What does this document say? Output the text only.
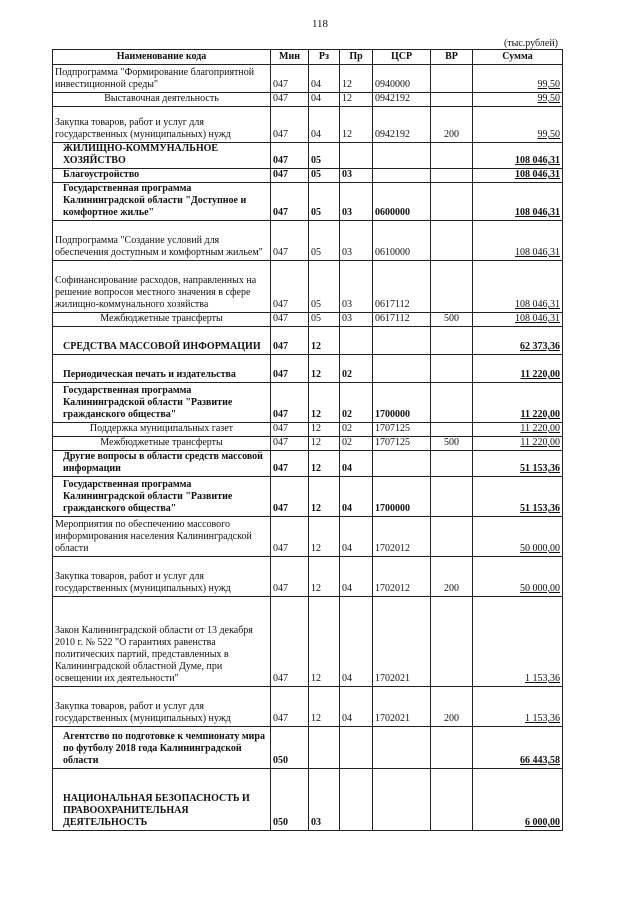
118
(тыс.рублей)
Наименование кода	Мин	Рз	Пр	ЦСР	ВР	Сумма
Подпрограмма "Формирование благоприятной инвестиционной среды"	047	04	12	0940000		99,50
Выставочная деятельность	047	04	12	0942192		99,50
Закупка товаров, работ и услуг для государственных (муниципальных) нужд	047	04	12	0942192	200	99,50
ЖИЛИЩНО-КОММУНАЛЬНОЕ ХОЗЯЙСТВО	047	05				108 046,31
Благоустройство	047	05	03			108 046,31
Государственная программа Калининградской области "Доступное и комфортное жилье"	047	05	03	0600000		108 046,31
Подпрограмма "Создание условий для обеспечения доступным и комфортным жильем"	047	05	03	0610000		108 046,31
Софинансирование расходов, направленных на решение вопросов местного значения в сфере жилищно-коммунального хозяйства	047	05	03	0617112		108 046,31
Межбюджетные трансферты	047	05	03	0617112	500	108 046,31
СРЕДСТВА МАССОВОЙ ИНФОРМАЦИИ	047	12				62 373,36
Периодическая печать и издательства	047	12	02			11 220,00
Государственная программа Калининградской области "Развитие гражданского общества"	047	12	02	1700000		11 220,00
Поддержка муниципальных газет	047	12	02	1707125		11 220,00
Межбюджетные трансферты	047	12	02	1707125	500	11 220,00
Другие вопросы в области средств массовой информации	047	12	04			51 153,36
Государственная программа Калининградской области "Развитие гражданского общества"	047	12	04	1700000		51 153,36
Мероприятия по обеспечению массового информирования населения Калининградской области	047	12	04	1702012		50 000,00
Закупка товаров, работ и услуг для государственных (муниципальных) нужд	047	12	04	1702012	200	50 000,00
Закон Калининградской области от 13 декабря 2010 г. № 522 "О гарантиях равенства политических партий, представленных в Калининградской областной Думе, при освещении их деятельности"	047	12	04	1702021		1 153,36
Закупка товаров, работ и услуг для государственных (муниципальных) нужд	047	12	04	1702021	200	1 153,36
Агентство по подготовке к чемпионату мира по футболу 2018 года Калининградской области	050					66 443,58
НАЦИОНАЛЬНАЯ БЕЗОПАСНОСТЬ И ПРАВООХРАНИТЕЛЬНАЯ ДЕЯТЕЛЬНОСТЬ	050	03				6 000,00
